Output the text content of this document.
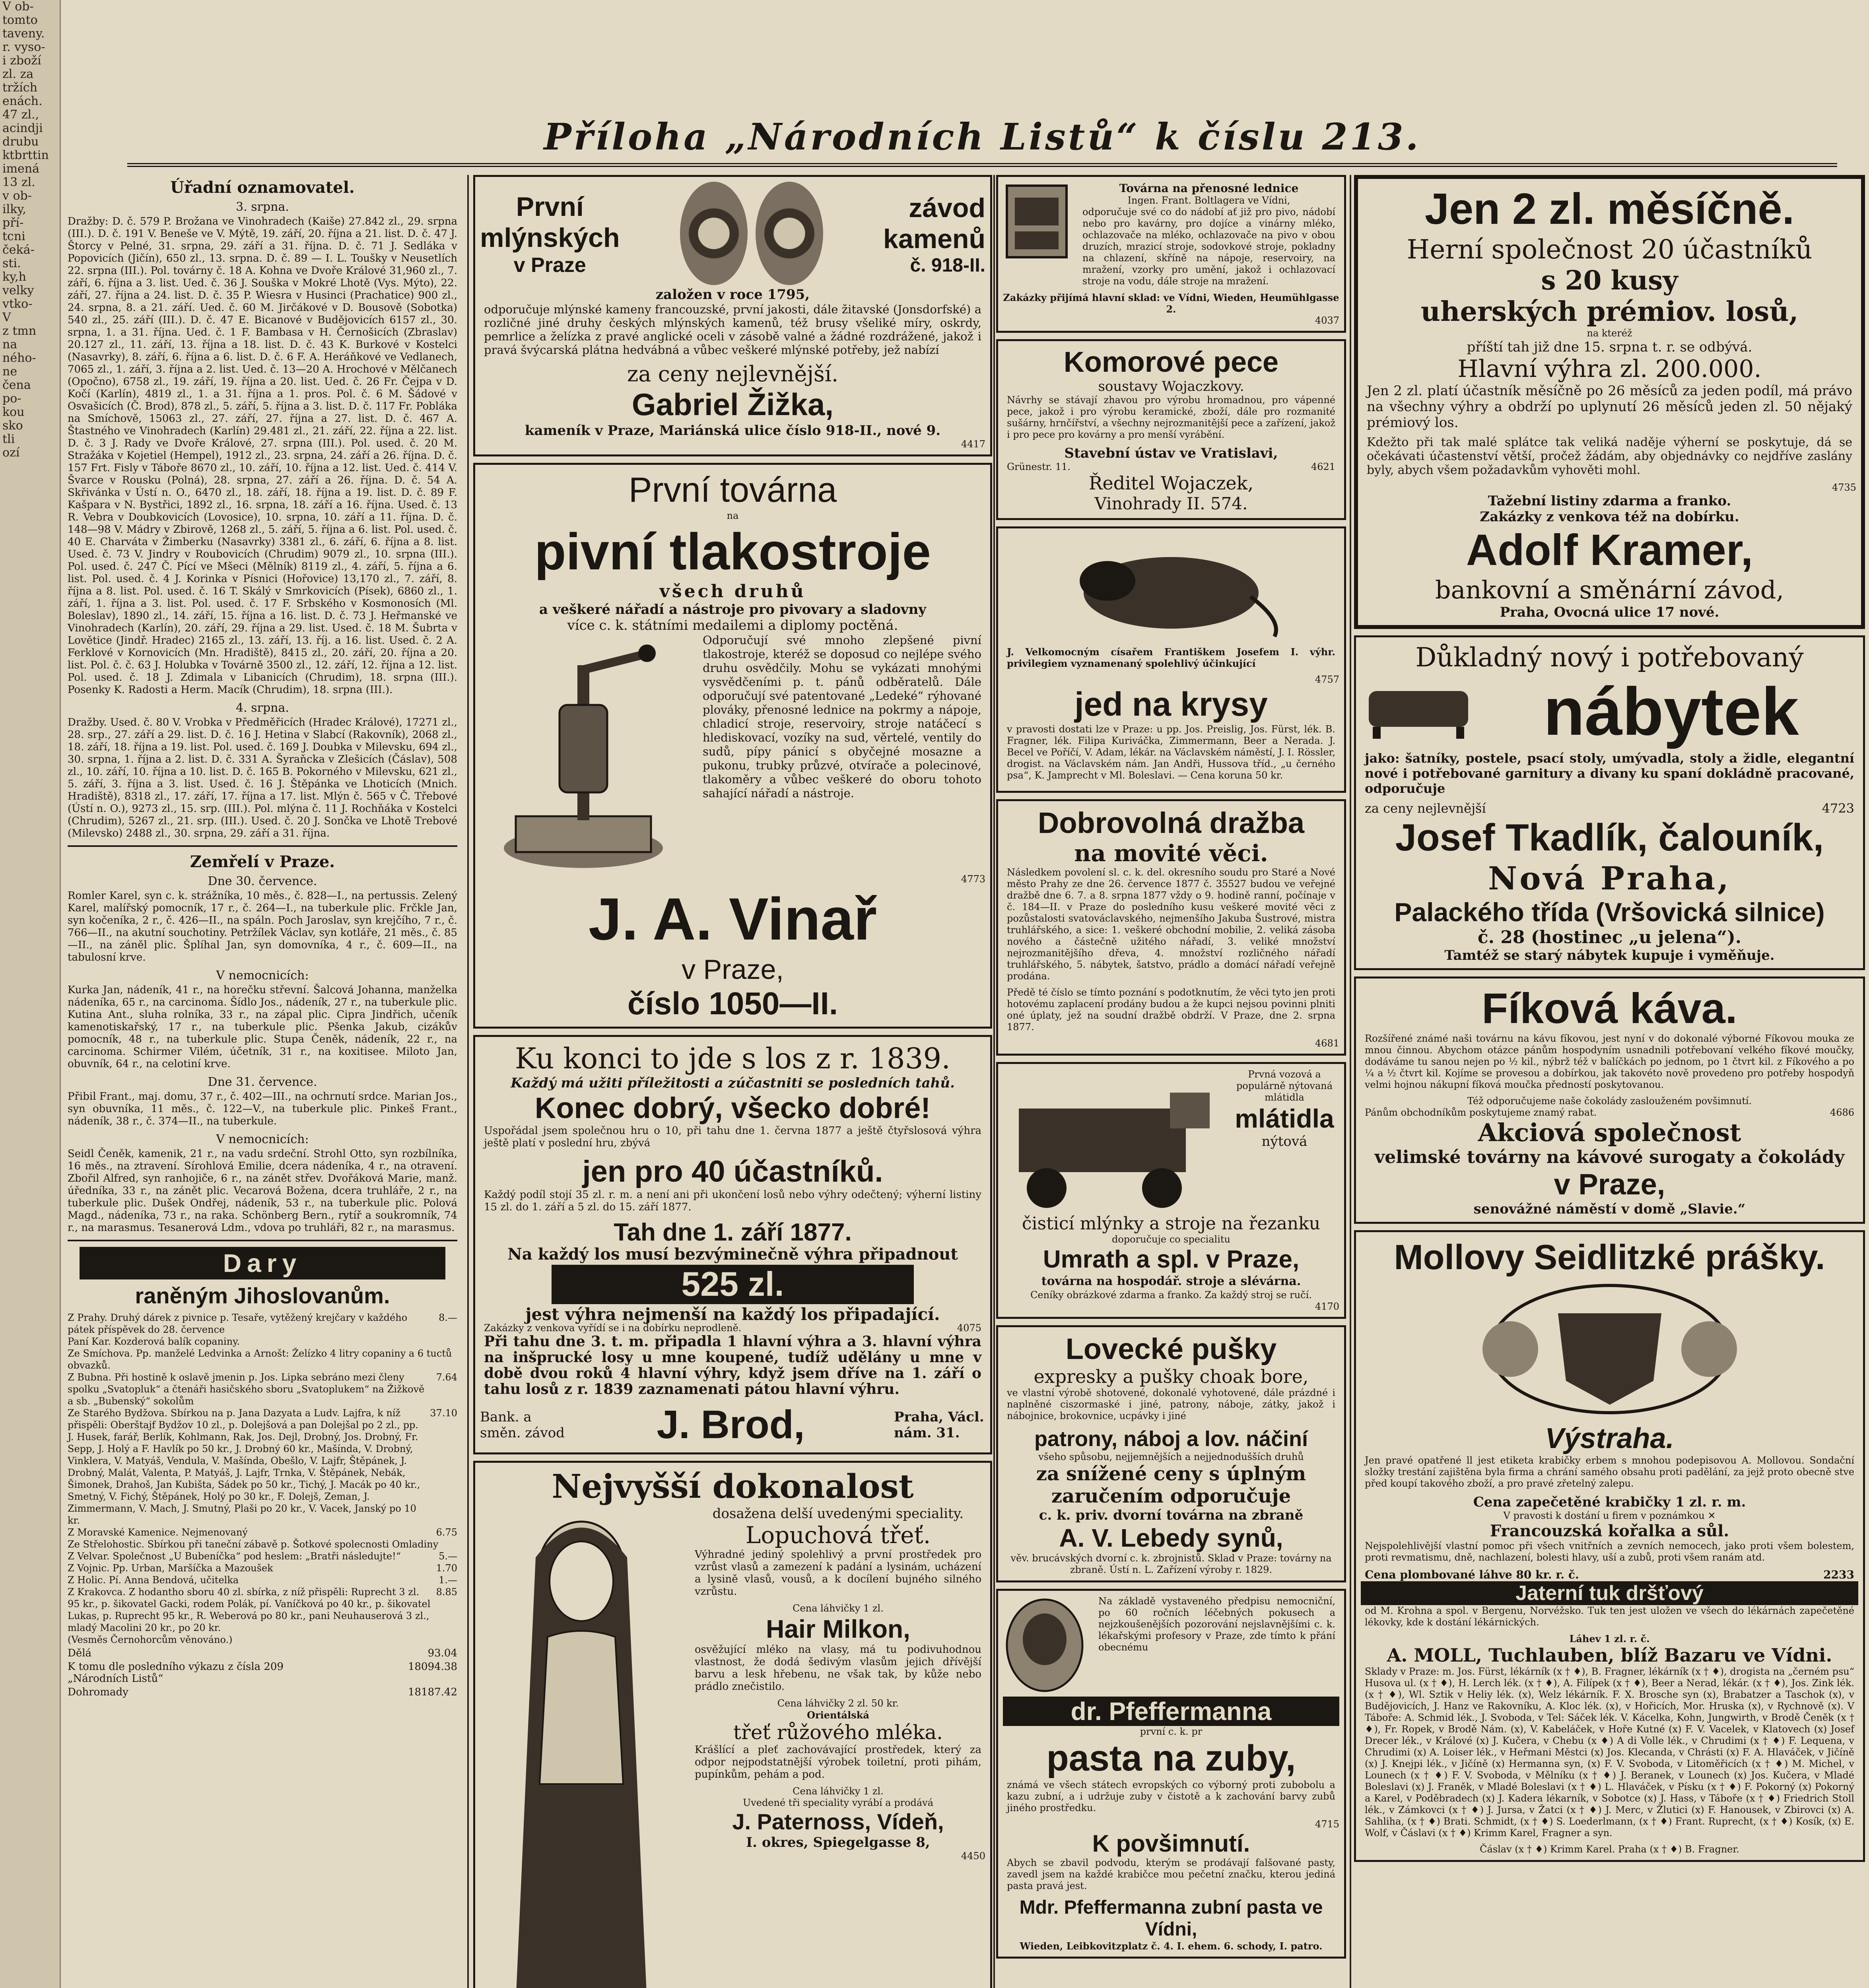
V ob-
tomto
taveny.
r. vyso-
i zboží
zl. za
tržích
enách.
47 zl.,
acindji
drubu
ktbrttin
imená
13 zl.
v ob-
ilky,
pří-
tcni
čeká-
sti.
ky,h
velky
vtko-
V
z tmn
na
ného-
ne
čena
po-
kou
sko
tli
ozí
Příloha „Národních Listů“ k číslu 213.
Úřadní oznamovatel.
3. srpna.

Dražby: D. č. 579 P. Brožana ve Vinohradech (Kaiše) 27.842 zl., 29. srpna (III.). D. č. 191 V. Beneše ve V. Mýtě, 19. září, 20. října a 21. list. D. č. 47 J. Štorcy v Pelné, 31. srpna, 29. září a 31. října. D. č. 71 J. Sedláka v Popovicích (Jičín), 650 zl., 13. srpna. D. č. 89 — I. L. Toušky v Neusetlích 22. srpna (III.). Pol. továrny č. 18 A. Kohna ve Dvoře Králové 31,960 zl., 7. září, 6. října a 3. list. Ued. č. 36 J. Souška v Mokré Lhotě (Vys. Mýto), 22. září, 27. října a 24. list. D. č. 35 P. Wiesra v Husinci (Prachatice) 900 zl., 24. srpna, 8. a 21. září. Ued. č. 60 M. Jirčákové v D. Bousově (Sobotka) 540 zl., 25. září (III.). D. č. 47 E. Bicanové v Budějovicích 6157 zl., 30. srpna, 1. a 31. října. Ued. č. 1 F. Bambasa v H. Černošicích (Zbraslav) 20.127 zl., 11. září, 13. října a 18. list. D. č. 43 K. Burkové v Kostelci (Nasavrky), 8. září, 6. října a 6. list. D. č. 6 F. A. Heráňkové ve Vedlanech, 7065 zl., 1. září, 3. října a 2. list. Ued. č. 13—20 A. Hrochové v Mělčanech (Opočno), 6758 zl., 19. září, 19. října a 20. list. Ued. č. 26 Fr. Čejpa v D. Kočí (Karlín), 4819 zl., 1. a 31. října a 1. pros. Pol. č. 6 M. Šádové v Osvašicích (Č. Brod), 878 zl., 5. září, 5. října a 3. list. D. č. 117 Fr. Pobláka na Smíchově, 15063 zl., 27. září, 27. října a 27. list. D. č. 467 A. Štastného ve Vinohradech (Karlín) 29.481 zl., 21. září, 22. října a 22. list. D. č. 3 J. Rady ve Dvoře Králové, 27. srpna (III.). Pol. used. č. 20 M. Stražáka v Kojetiel (Hempel), 1912 zl., 23. srpna, 24. září a 26. října. D. č. 157 Frt. Fisly v Táboře 8670 zl., 10. září, 10. října a 12. list. Ued. č. 414 V. Švarce v Rousku (Polná), 28. srpna, 27. září a 26. října. D. č. 54 A. Skřivánka v Ústí n. O., 6470 zl., 18. září, 18. října a 19. list. D. č. 89 F. Kašpara v N. Bystřici, 1892 zl., 16. srpna, 18. září a 16. října. Used. č. 13 R. Vebra v Doubkovicích (Lovosice), 10. srpna, 10. září a 11. října. D. č. 148—98 V. Mádry v Zbirově, 1268 zl., 5. září, 5. října a 6. list. Pol. used. č. 40 E. Charváta v Žimberku (Nasavrky) 3381 zl., 6. září, 6. října a 8. list. Used. č. 73 V. Jindry v Roubovicích (Chrudim) 9079 zl., 10. srpna (III.). Pol. used. č. 247 Č. Pící ve Mšeci (Mělník) 8119 zl., 4. září, 5. října a 6. list. Pol. used. č. 4 J. Korinka v Písnici (Hořovice) 13,170 zl., 7. září, 8. října a 8. list. Pol. used. č. 16 T. Skálý v Smrkovicích (Písek), 6860 zl., 1. září, 1. října a 3. list. Pol. used. č. 17 F. Srbského v Kosmonosích (Ml. Boleslav), 1890 zl., 14. září, 15. října a 16. list. D. č. 73 J. Heřmanské ve Vinohradech (Karlín), 20. září, 29. října a 29. list. Used. č. 18 M. Šubrta v Lovětice (Jindř. Hradec) 2165 zl., 13. září, 13. říj. a 16. list. Used. č. 2 A. Ferklové v Kornovicích (Mn. Hradiště), 8415 zl., 20. září, 20. října a 20. list. Pol. č. č. 63 J. Holubka v Továrně 3500 zl., 12. září, 12. října a 12. list. Pol. used. č. 18 J. Zdimala v Libanicích (Chrudim), 18. srpna (III.). Posenky K. Radosti a Herm. Macík (Chrudim), 18. srpna (III.).

4. srpna.

Dražby. Used. č. 80 V. Vrobka v Předměřicích (Hradec Králové), 17271 zl., 28. srp., 27. září a 29. list. D. č. 16 J. Hetina v Slabcí (Rakovník), 2068 zl., 18. září, 18. října a 19. list. Pol. used. č. 169 J. Doubka v Milevsku, 694 zl., 30. srpna, 1. října a 2. list. D. č. 331 A. Šyraňcka v Zlešicích (Čáslav), 508 zl., 10. září, 10. října a 10. list. D. č. 165 B. Pokorného v Milevsku, 621 zl., 5. září, 3. října a 3. list. Used. č. 16 J. Štěpánka ve Lhoticích (Mnich. Hradiště), 8318 zl., 17. září, 17. října a 17. list. Mlýn č. 565 v Č. Třebové (Ústí n. O.), 9273 zl., 15. srp. (III.). Pol. mlýna č. 11 J. Rochňáka v Kostelci (Chrudim), 5267 zl., 21. srp. (III.). Used. č. 20 J. Sončka ve Lhotě Trebové (Milevsko) 2488 zl., 30. srpna, 29. září a 31. října.

Zemřelí v Praze.
Dne 30. července.

Romler Karel, syn c. k. strážníka, 10 měs., č. 828—I., na pertussis. Zelený Karel, malířský pomocník, 17 r., č. 264—I., na tuberkule plic. Frčkle Jan, syn kočeníka, 2 r., č. 426—II., na spáln. Poch Jaroslav, syn krejčího, 7 r., č. 766—II., na akutní souchotiny. Petržílek Václav, syn kotláře, 21 měs., č. 85—II., na záněl plic. Šplíhal Jan, syn domovníka, 4 r., č. 609—II., na tabulosní krve.

V nemocnicích:

Kurka Jan, nádeník, 41 r., na horečku střevní. Šalcová Johanna, manželka nádeníka, 65 r., na carcinoma. Šídlo Jos., nádeník, 27 r., na tuberkule plic. Kutina Ant., sluha rolníka, 33 r., na zápal plic. Cipra Jindřich, učeník kamenotiskařský, 17 r., na tuberkule plic. Pšenka Jakub, cizákův pomocník, 48 r., na tuberkule plic. Stupa Čeněk, nádeník, 22 r., na carcinoma. Schirmer Vilém, účetník, 31 r., na koxitisee. Miloto Jan, obuvník, 64 r., na celotiní krve.

Dne 31. července.

Přibil Frant., maj. domu, 37 r., č. 402—III., na ochrnutí srdce. Marian Jos., syn obuvníka, 11 měs., č. 122—V., na tuberkule plic. Pinkeš Frant., nádeník, 38 r., č. 374—II., na tuberkule.

V nemocnicích:

Seidl Čeněk, kamenik, 21 r., na vadu srdeční. Strohl Otto, syn rozbílníka, 16 měs., na ztravení. Sírohlová Emilie, dcera nádeníka, 4 r., na otravení. Zbořil Alfred, syn ranhojiče, 6 r., na zánět střev. Dvořáková Marie, manž. úředníka, 33 r., na zánět plic. Vecarová Božena, dcera truhláře, 2 r., na tuberkule plic. Dušek Ondřej, nádeník, 53 r., na tuberkule plic. Polová Magd., nádeníka, 73 r., na raka. Schönberg Bern., rytíř a soukromník, 74 r., na marasmus. Tesanerová Ldm., vdova po truhláři, 82 r., na marasmus.

Dary
raněným Jihoslovanům.
Z Prahy. Druhý dárek z pivnice p. Tesaře, vytěžený krejčary v každého pátek příspěvek do 28. července
8.—
Paní Kar. Kozderová balík copaniny.
Ze Smíchova. Pp. manželé Ledvinka a Arnošt: Želízko 4 litry copaniny a 6 tuctů obvazků.
Z Bubna. Při hostině k oslavě jmenin p. Jos. Lipka sebráno mezi členy spolku „Svatopluk“ a čtenáři hasičského sboru „Svatoplukem“ na Žižkově a sb. „Bubenský“ sokolům
7.64
Ze Starého Bydžova. Sbírkou na p. Jana Dazyata a Ludv. Lajfra, k níž přispěli: Oberštajf Bydžov 10 zl., p. Dolejšová a pan Dolejšal po 2 zl., pp. J. Husek, farář, Berlík, Kohlmann, Rak, Jos. Dejl, Drobný, Jos. Drobný, Fr. Sepp, J. Holý a F. Havlík po 50 kr., J. Drobný 60 kr., Mašínda, V. Drobný, Vinklera, V. Matyáš, Vendula, V. Mašínda, Obešlo, V. Lajfr, Štěpánek, J. Drobný, Malát, Valenta, P. Matyáš, J. Lajfr, Trnka, V. Štěpánek, Nebák, Šimonek, Drahoš, Jan Kubišta, Sádek po 50 kr., Tichý, J. Macák po 40 kr., Smetný, V. Fichý, Štěpánek, Holý po 30 kr., F. Dolejš, Zeman, J. Zimmermann, V. Mach, J. Smutný, Plaši po 20 kr., V. Vacek, Janský po 10 kr.
37.10
Z Moravské Kamenice. Nejmenovaný	6.75
Ze Střelohostic. Sbírkou při taneční zábavě p. Šotkové spolecnosti Omladiny
Z Velvar. Společnost „U Bubeníčka“ pod heslem: „Bratři následujte!“	5.—
Z Vojnic. Pp. Urban, Maršíčka a Mazoušek	1.70
Z Holic. Pí. Anna Bendová, učitelka	1.—
Z Krakovca. Z hodantho sboru 40 zl. sbírka, z níž přispěli: Ruprecht 3 zl. 95 kr., p. šikovatel Gacki, rodem Polák, pí. Vaníčková po 40 kr., p. šikovatel Lukas, p. Ruprecht 95 kr., R. Weberová po 80 kr., pani Neuhauserová 3 zl., mladý Macolini 20 kr., po 20 kr.
8.85
(Vesměs Černohorcům věnováno.)
Dělá	93.04
K tomu dle posledního výkazu z čísla 209 „Národních Listů“
18094.38
Dohromady	18187.42
První
mlýnských
v Praze
závod
kamenů
č. 918-II.
založen v roce 1795,

odporučuje mlýnské kameny francouzské, první jakosti, dále žitavské (Jonsdorfské) a rozličné jiné druhy českých mlýnských kamenů, též brusy všeliké míry, oskrdy, pemrlice a želízka z pravé anglické oceli v zásobě valné a žádné rozdrážené, jakož i pravá švýcarská plátna hedvábná a vůbec veškeré mlýnské potřeby, jež nabízí

za ceny nejlevnější.
Gabriel Žižka,
kameník v Praze, Mariánská ulice číslo 918-II., nové 9.
4417
První továrna
na
pivní tlakostroje
všech druhů
a veškeré nářadí a nástroje pro pivovary a sladovny
více c. k. státními medailemi a diplomy poctěná.

Odporučují své mnoho zlepšené pivní tlakostroje, kteréž se doposud co nejlépe svého druhu osvědčily. Mohu se vykázati mnohými vysvědčeními p. t. pánů odběratelů. Dále odporučují své patentované „Ledeké“ rýhované plováky, přenosné lednice na pokrmy a nápoje, chladicí stroje, reservoiry, stroje natáčecí s hlediskovací, vozíky na sud, věrtelé, ventily do sudů, pípy pánicí s obyčejné mosazne a pukonu, trubky průzvé, otvírače a polecinové, tlakoměry a vůbec veškeré do oboru tohoto sahající nářadí a nástroje.

4773
J. A. Vinař
v Praze,
číslo 1050—II.
Ku konci to jde s los z r. 1839.
Každý má užiti příležitosti a zúčastniti se posledních tahů.
Konec dobrý, všecko dobré!

Uspořádal jsem společnou hru o 10, při tahu dne 1. června 1877 a ještě čtyřslosová výhra ještě platí v poslední hru, zbývá

jen pro 40 účastníků.

Každý podíl stojí 35 zl. r. m. a není ani při ukončení losů nebo výhry odečtený; výherní listiny 15 zl. do 1. září a 5 zl. do 15. září 1877.

Tah dne 1. září 1877.
Na každý los musí bezvýminečně výhra připadnout
525 zl.
jest výhra nejmenší na každý los připadající.
Zakázky z venkova vyřídí se i na dobírku neprodleně.	4075

Při tahu dne 3. t. m. připadla 1 hlavní výhra a 3. hlavní výhra na inšprucké losy u mne koupené, tudíž udělány u mne v době dvou roků 4 hlavní výhry, když jsem dříve na 1. září o tahu losů z r. 1839 zaznamenati pátou hlavní výhru.

Bank. a směn. závod J. Brod,	Praha, Václ. nám. 31.
Nejvyšší dokonalost
dosažena delší uvedenými speciality.
Lopuchová třeť.

Výhradné jediný spolehlivý a první prostředek pro vzrůst vlasů a zamezení k padání a lysinám, ucházení a lysině vlasů, vousů, a k docílení bujného silného vzrůstu.

Cena láhvičky 1 zl.
Hair Milkon,

osvěžující mléko na vlasy, má tu podivuhodnou vlastnost, že dodá šedivým vlasům jejich dřívější barvu a lesk hřebenu, ne však tak, by kůže nebo prádlo znečistilo.

Cena láhvičky 2 zl. 50 kr.
Orientálská
třeť růžového mléka.

Krášlící a pleť zachovávající prostředek, který za odpor nejpodstatnější výrobek toiletní, proti pihám, pupínkům, pehám a pod.

Cena láhvičky 1 zl.
Uvedené tři speciality vyrábí a prodává
J. Paternoss, Vídeň,
I. okres, Spiegelgasse 8,
4450
Továrna na přenosné lednice
Ingen. Frant. Boltlagera ve Vídni,

odporučuje své co do nádobí ať již pro pivo, nádobí nebo pro kavárny, pro dojíce a vinárny mléko, ochlazovače na mléko, ochlazovače na pivo v obou druzích, mrazicí stroje, sodovkové stroje, pokladny na chlazení, skříně na nápoje, reservoiry, na mražení, vzorky pro umění, jakož i ochlazovací stroje na vodu, dále stroje na mražení.

Zakázky přijímá hlavní sklad: ve Vídni, Wieden, Heumühlgasse 2.
4037
Komorové pece
soustavy Wojaczkovy.

Návrhy se stávají zhavou pro výrobu hromadnou, pro vápenné pece, jakož i pro výrobu keramické, zboží, dále pro rozmanité sušárny, hrnčířství, a všechny nejrozmanitější pece a zařízení, jakož i pro pece pro kovárny a pro menší vyrábění.

Stavební ústav ve Vratislavi,
Grünestr. 11.	4621
Ředitel Wojaczek,
Vinohrady II. 574.

J. Velkomocným císařem Františkem Josefem I. výhr. privilegiem vyznamenaný spolehlivý účinkující

4757
jed na krysy

v pravosti dostati lze v Praze: u pp. Jos. Preislig, Jos. Fürst, lék. B. Fragner, lék. Filipa Kuriváčka, Zimmermann, Beer a Nerada. J. Becel ve Poříčí, V. Adam, lékár. na Václavském náměstí, J. I. Rössler, drogist. na Václavském nám. Jan Andři, Hussova tříd., „u černého psa“, K. Jamprecht v Ml. Boleslavi. — Cena koruna 50 kr.

Dobrovolná dražba
na movité věci.

Následkem povolení sl. c. k. del. okresního soudu pro Staré a Nové město Prahy ze dne 26. července 1877 č. 35527 budou ve veřejné dražbě dne 6. 7. a 8. srpna 1877 vždy o 9. hodině ranní, počínaje v č. 184—II. v Praze do posledního kusu veškeré movité věci z pozůstalosti svatováclavského, nejmenšího Jakuba Šustrové, mistra truhlářského, a sice: 1. veškeré obchodní mobilie, 2. veliká zásoba nového a částečně užitého nářadí, 3. veliké množství nejrozmanitějšího dřeva, 4. množství rozličného nářadí truhlářského, 5. nábytek, šatstvo, prádlo a domácí nářadí veřejně prodána.

Předě té číslo se tímto poznání s podotknutím, že věci tyto jen proti hotovému zaplacení prodány budou a že kupci nejsou povinni plniti oné úplaty, jež na soudní dražbě obdrží. V Praze, dne 2. srpna 1877.

4681
Prvná vozová a populárně nýtovaná mlátidla
mlátidla
nýtová
čisticí mlýnky a stroje na řezanku
doporučuje co specialitu
Umrath a spl. v Praze,
továrna na hospodář. stroje a slévárna.
Ceníky obrázkové zdarma a franko. Za každý stroj se ručí.
4170
Lovecké pušky
expresky a pušky choak bore,

ve vlastní výrobě shotovené, dokonalé vyhotovené, dále prázdné i naplněné ciszormaské i jiné, patrony, náboje, zátky, jakož i nábojnice, brokovnice, ucpávky i jiné

patrony, náboj a lov. náčiní
všeho spůsobu, nejjemnějších a nejjednodušších druhů
za snížené ceny s úplným zaručením odporučuje
c. k. priv. dvorní továrna na zbraně
A. V. Lebedy synů,
věv. brucávských dvorní c. k. zbrojnistů. Sklad v Praze: továrny na zbraně. Ústí n. L. Zařízení výroby r. 1829.

Na základě vystaveného předpisu nemocniční, po 60 ročních léčebných pokusech a nejzkoušenějších pozorování nejslavnějšími c. k. lékařskými profesory v Praze, zde tímto k přání obecnému

dr. Pfeffermanna
první c. k. pr
pasta na zuby,

známá ve všech státech evropských co výborný proti zubobolu a kazu zubní, a i udržuje zuby v čistotě a k zachování barvy zubů jiného prostředku.

4715
K povšimnutí.

Abych se zbavil podvodu, kterým se prodávají falšované pasty, zavedl jsem na každé krabičce mou pečetní značku, kterou jediná pasta pravá jest.

Mdr. Pfeffermanna zubní pasta ve Vídni,
Wieden, Leibkovitzplatz č. 4. I. ehem. 6. schody, I. patro.
Jen 2 zl. měsíčně.
Herní společnost 20 účastníků
s 20 kusy
uherských prémiov. losů,
na kteréž
příští tah již dne 15. srpna t. r. se odbývá.
Hlavní výhra zl. 200.000.

Jen 2 zl. platí účastník měsíčně po 26 měsíců za jeden podíl, má právo na všechny výhry a obdrží po uplynutí 26 měsíců jeden zl. 50 nějaký prémiový los.

Kdežto při tak malé splátce tak veliká naděje výherní se poskytuje, dá se očekávati účastenství větší, pročež žádám, aby objednávky co nejdříve zaslány byly, abych všem požadavkům vyhověti mohl.

4735
Tažební listiny zdarma a franko.
Zakázky z venkova též na dobírku.
Adolf Kramer,
bankovní a směnární závod,
Praha, Ovocná ulice 17 nové.
Důkladný nový i potřebovaný
nábytek

jako: šatníky, postele, psací stoly, umývadla, stoly a židle, elegantní nové i potřebované garnitury a divany ku spaní dokládně pracované, odporučuje

za ceny nejlevnější	4723
Josef Tkadlík, čalouník,
Nová Praha,
Palackého třída (Vršovická silnice)
č. 28 (hostinec „u jelena“).
Tamtéž se starý nábytek kupuje i vyměňuje.
Fíková káva.

Rozšířené známé naši továrnu na kávu fíkovou, jest nyní v do dokonalé výborné Fíkovou mouka ze mnou činnou. Abychom otázce pánům hospodyním usnadnili potřebovaní velkého fíkové moučky, dodáváme tu sanou nejen po ½ kil., nýbrž též v balíčkách po jednom, po 1 čtvrt kil. z Fíkového a po ¼ a ½ čtvrt kil. Kojíme se provesou a dobírkou, jak takovéto nově provedeno pro potřeby hospodyň velmi hojnou nákupní fíková moučka předností poskytovanou.

Též odporučujeme naše čokolády zaslouženém povšimnutí.
Pánům obchodníkům poskytujeme znamý rabat.	4686
Akciová společnost
velimské továrny na kávové surogaty a čokolády
v Praze,
senovážné náměstí v domě „Slavie.“
Mollovy Seidlitzké prášky.
Výstraha.

Jen pravé opatřené ll jest etiketa krabičky erbem s mnohou podepisovou A. Mollovou. Sondační složky trestání zajištěna byla firma a chrání samého obsahu proti padělání, za jejž proto obecně stve před koupí takového zboží, a pro pravé zřetelný zalepu.

Cena zapečetěné krabičky 1 zl. r. m.
V pravosti k dostání u firem v poznámkou ✕
Francouzská kořalka a sůl.

Nejspolehlivější vlastní pomoc při všech vnitřních a zevních nemocech, jako proti všem bolestem, proti revmatismu, dně, nachlazení, bolesti hlavy, uší a zubů, proti všem ranám atd.

Cena plombované láhve 80 kr. r. č.	2233
Jaterní tuk dršťový

od M. Krohna a spol. v Bergenu, Norvéžsko. Tuk ten jest uložen ve všech do lékárnách zapečetěné lékovky, kde k dostání lékárnických.

Láhev 1 zl. r. č.
A. MOLL, Tuchlauben, blíž Bazaru ve Vídni.

Sklady v Praze: m. Jos. Fürst, lékárník (x † ♦), B. Fragner, lékárník (x † ♦), drogista na „černém psu“ Husova ul. (x † ♦), H. Lerch lék. (x † ♦), A. Filípek (x † ♦), Beer a Nerad, lékár. (x † ♦), Jos. Zink lék. (x † ♦), Wl. Sztik v Heliy lék. (x), Welz lékárník. F. X. Brosche syn (x), Brabatzer a Taschok (x), v Budějovicích, J. Hanz ve Rakovníku, A. Kloc lék. (x), v Hořicích, Mor. Hruska (x), v Rychnově (x). V Táboře: A. Schmid lék., J. Svoboda, v Tel: Sáček lék. V. Kácelka, Kohn, Jungwirth, v Brodě Čeněk (x † ♦), Fr. Ropek, v Brodě Nám. (x), V. Kabeláček, v Hoře Kutné (x) F. V. Vacelek, v Klatovech (x) Josef Drecer lék., v Králové (x) J. Kučera, v Chebu (x ♦) A di Volle lék., v Chrudimi (x † ♦) F. Lequena, v Chrudimi (x) A. Loiser lék., v Heřmani Městci (x) Jos. Klecanda, v Chrásti (x) F. A. Hlaváček, v Jičíně (x) J. Knejpi lék., v Jičíně (x) Hermanna syn, (x) F. V. Svoboda, v Litoměřicích (x † ♦) M. Michel, v Lounech (x † ♦) F. V. Svoboda, v Mělníku (x † ♦) J. Beranek, v Lounech (x) Jos. Kučera, v Mladé Boleslavi (x) J. Franěk, v Mladé Boleslavi (x † ♦) L. Hlaváček, v Písku (x † ♦) F. Pokorný (x) Pokorný a Karel, v Poděbradech (x) J. Kadera lékarník, v Sobotce (x) J. Hass, v Táboře (x † ♦) Friedrich Stoll lék., v Zámkovci (x † ♦) J. Jursa, v Žatci (x † ♦) J. Merc, v Žlutici (x) F. Hanousek, v Zbirovci (x) A. Sahliha, (x † ♦) Brati. Schmidt, (x † ♦) S. Loederlmann, (x † ♦) Frant. Ruprecht, (x † ♦) Kosík, (x) E. Wolf, v Čáslavi (x † ♦) Krimm Karel, Fragner a syn.

Čáslav (x † ♦) Krimm Karel. Praha (x † ♦) B. Fragner.
